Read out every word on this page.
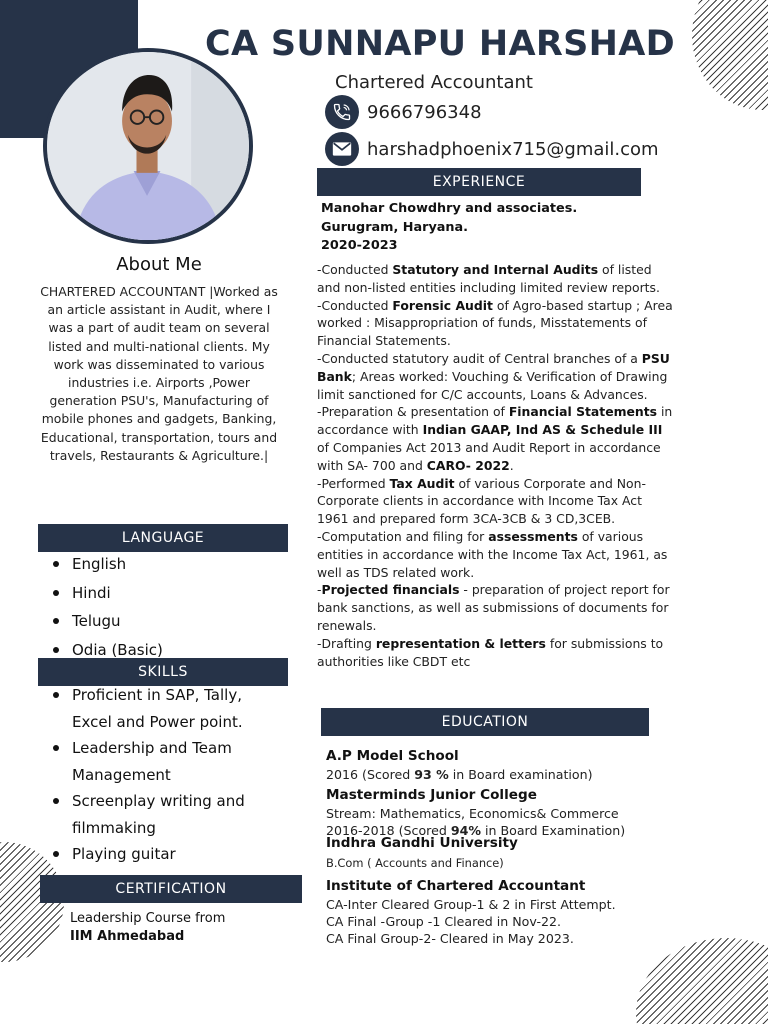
CA SUNNAPU HARSHAD
Chartered Accountant
9666796348
harshadphoenix715@gmail.com
About Me
CHARTERED ACCOUNTANT |Worked as an article assistant in Audit, where I was a part of audit team on several listed and multi-national clients. My work was disseminated to various industries i.e. Airports ,Power generation PSU's, Manufacturing of mobile phones and gadgets, Banking, Educational, transportation, tours and travels, Restaurants & Agriculture.|
LANGUAGE
English
Hindi
Telugu
Odia (Basic)
SKILLS
Proficient in SAP, Tally, Excel and Power point.
Leadership and Team Management
Screenplay writing and filmmaking
Playing guitar
CERTIFICATION
Leadership Course from
IIM Ahmedabad
EXPERIENCE
Manohar Chowdhry and associates.
Gurugram, Haryana.
2020-2023
-Conducted Statutory and Internal Audits of listed and non-listed entities including limited review reports.
-Conducted Forensic Audit of Agro-based startup ; Area worked : Misappropriation of funds, Misstatements of Financial Statements.
-Conducted statutory audit of Central branches of a PSU Bank; Areas worked: Vouching & Verification of Drawing limit sanctioned for C/C accounts, Loans & Advances.
-Preparation & presentation of Financial Statements in accordance with Indian GAAP, Ind AS & Schedule III of Companies Act 2013 and Audit Report in accordance with SA- 700 and CARO- 2022.
-Performed Tax Audit of various Corporate and Non-Corporate clients in accordance with Income Tax Act 1961 and prepared form 3CA-3CB & 3 CD,3CEB.
-Computation and filing for assessments of various entities in accordance with the Income Tax Act, 1961, as well as TDS related work.
-Projected financials - preparation of project report for bank sanctions, as well as submissions of documents for renewals.
-Drafting representation & letters for submissions to authorities like CBDT etc
EDUCATION
A.P Model School
2016 (Scored 93 % in Board examination)
Masterminds Junior College
Stream: Mathematics, Economics& Commerce
2016-2018 (Scored 94% in Board Examination)
Indhra Gandhi University
B.Com ( Accounts and Finance)
Institute of Chartered Accountant
CA-Inter Cleared Group-1 & 2 in First Attempt.
CA Final -Group -1 Cleared in Nov-22.
CA Final Group-2- Cleared in May 2023.
